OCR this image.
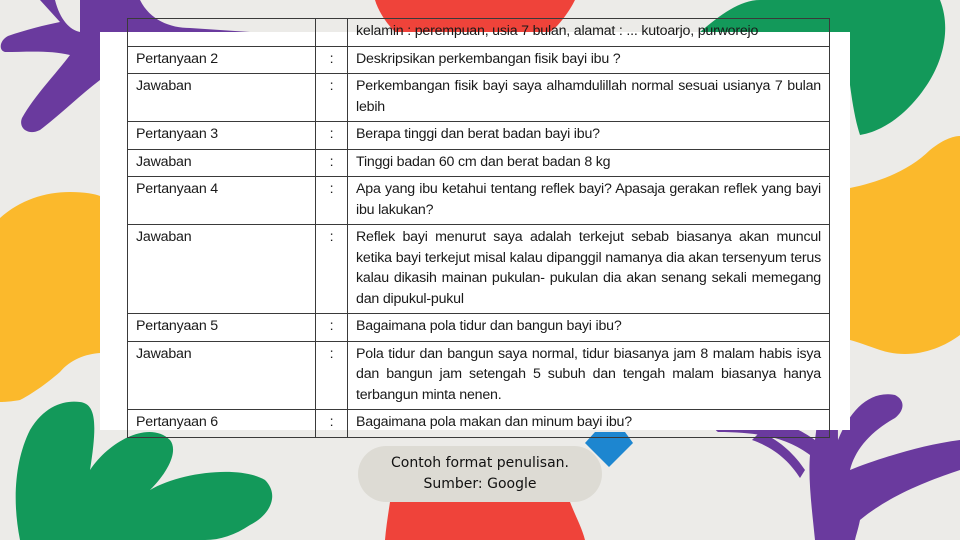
		kelamin : perempuan, usia 7 bulan, alamat : ... kutoarjo, purworejo
Pertanyaan 2	:	Deskripsikan perkembangan fisik bayi ibu ?
Jawaban	:	Perkembangan fisik bayi saya alhamdulillah normal sesuai usianya 7 bulan lebih
Pertanyaan 3	:	Berapa tinggi dan berat badan bayi ibu?
Jawaban	:	Tinggi badan 60 cm dan berat badan 8 kg
Pertanyaan 4	:	Apa yang ibu ketahui tentang reflek bayi? Apasaja gerakan reflek yang bayi ibu lakukan?
Jawaban	:	Reflek bayi menurut saya adalah terkejut sebab biasanya akan muncul ketika bayi terkejut misal kalau dipanggil namanya dia akan tersenyum terus kalau dikasih mainan pukulan- pukulan dia akan senang sekali memegang dan dipukul-pukul
Pertanyaan 5	:	Bagaimana pola tidur dan bangun bayi ibu?
Jawaban	:	Pola tidur dan bangun saya normal, tidur biasanya jam 8 malam habis isya dan bangun jam setengah 5 subuh dan tengah malam biasanya hanya terbangun minta nenen.
Pertanyaan 6	:	Bagaimana pola makan dan minum bayi ibu?
Contoh format penulisan.
Sumber: Google
